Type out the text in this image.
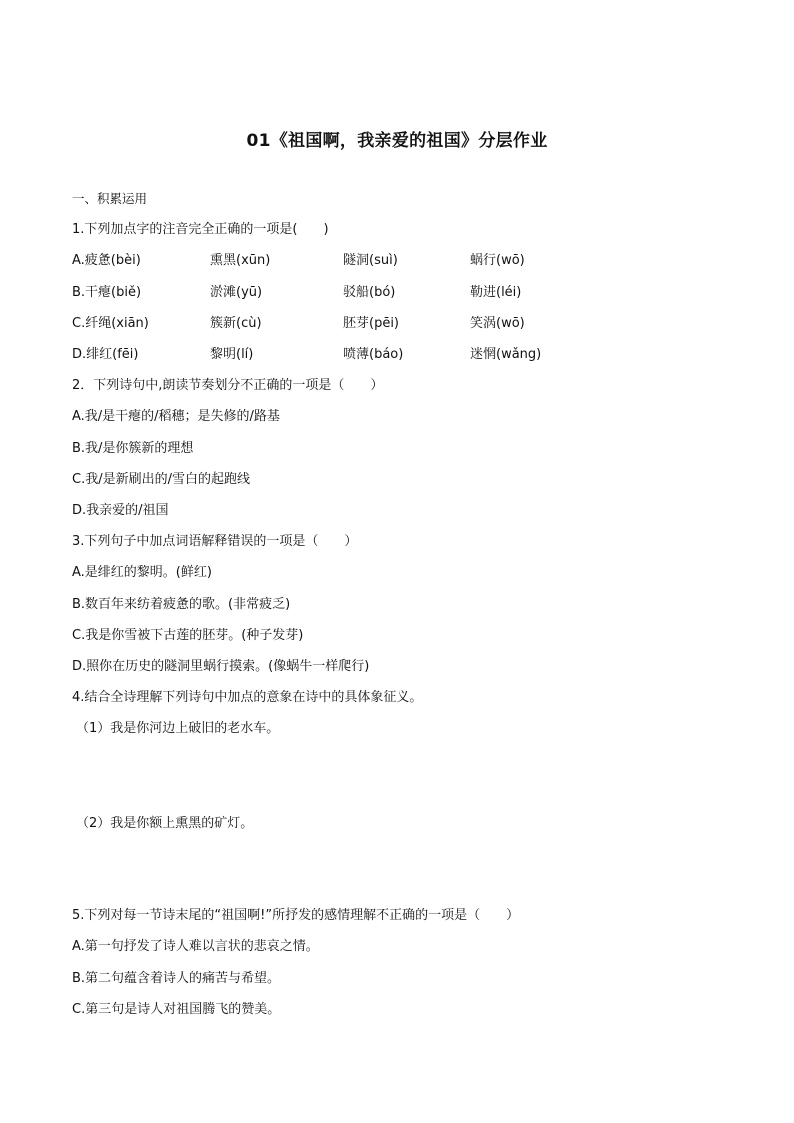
01《祖国啊，我亲爱的祖国》分层作业
一、积累运用
1.下列加点字的注音完全正确的一项是(　　)
A.疲惫(bèi)	熏黑(xūn)	隧洞(suì)	蜗行(wō)
B.干瘪(biě)	淤滩(yū)	驳船(bó)	勒进(léi)
C.纤绳(xiān)	簇新(cù)	胚芽(pēi)	笑涡(wō)
D.绯红(fēi)	黎明(lí)	喷薄(báo)	迷惘(wǎng)
2．下列诗句中,朗读节奏划分不正确的一项是（　　）
A.我/是干瘪的/稻穗；是失修的/路基
B.我/是你簇新的理想
C.我/是新刷出的/雪白的起跑线
D.我亲爱的/祖国
3.下列句子中加点词语解释错误的一项是（　　）
A.是绯红的黎明。(鲜红)
B.数百年来纺着疲惫的歌。(非常疲乏)
C.我是你雪被下古莲的胚芽。(种子发芽)
D.照你在历史的隧洞里蜗行摸索。(像蜗牛一样爬行)
4.结合全诗理解下列诗句中加点的意象在诗中的具体象征义。
（1）我是你河边上破旧的老水车。
（2）我是你额上熏黑的矿灯。
5.下列对每一节诗末尾的“祖国啊!”所抒发的感情理解不正确的一项是（　　）
A.第一句抒发了诗人难以言状的悲哀之情。
B.第二句蕴含着诗人的痛苦与希望。
C.第三句是诗人对祖国腾飞的赞美。
